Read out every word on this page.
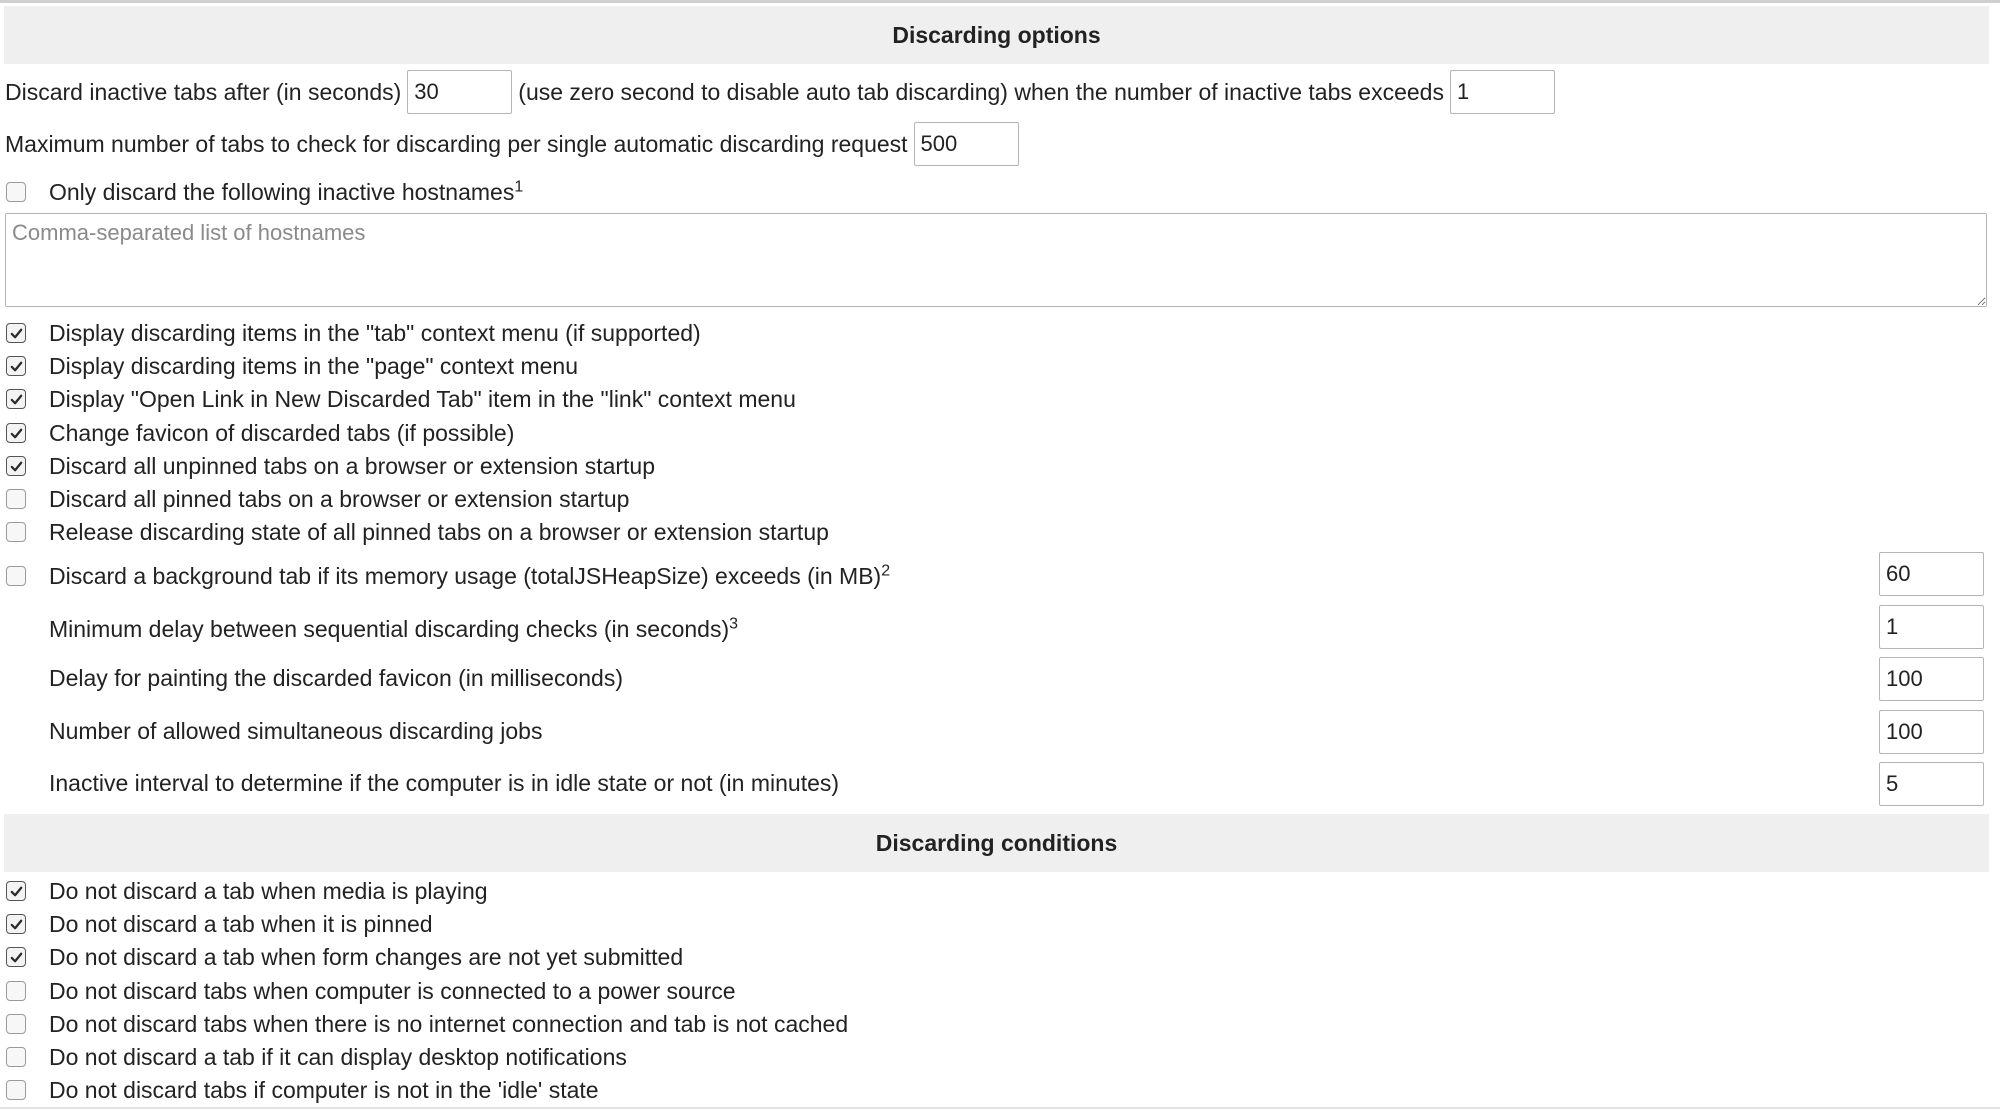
Discarding options
Discard inactive tabs after (in seconds)
30	(use zero second to disable auto tab discarding) when the number of inactive tabs exceeds
1
Maximum number of tabs to check for discarding per single automatic discarding request
500
Only discard the following inactive hostnames$^1$
Comma-separated list of hostnames
Display discarding items in the "tab" context menu (if supported)
Display discarding items in the "page" context menu
Display "Open Link in New Discarded Tab" item in the "link" context menu
Change favicon of discarded tabs (if possible)
Discard all unpinned tabs on a browser or extension startup
Discard all pinned tabs on a browser or extension startup
Release discarding state of all pinned tabs on a browser or extension startup
Discard a background tab if its memory usage (totalJSHeapSize) exceeds (in MB)$^2$
60
Minimum delay between sequential discarding checks (in seconds)$^3$
1
Delay for painting the discarded favicon (in milliseconds)
100
Number of allowed simultaneous discarding jobs
100
Inactive interval to determine if the computer is in idle state or not (in minutes)
5
Discarding conditions
Do not discard a tab when media is playing
Do not discard a tab when it is pinned
Do not discard a tab when form changes are not yet submitted
Do not discard tabs when computer is connected to a power source
Do not discard tabs when there is no internet connection and tab is not cached
Do not discard a tab if it can display desktop notifications
Do not discard tabs if computer is not in the 'idle' state
